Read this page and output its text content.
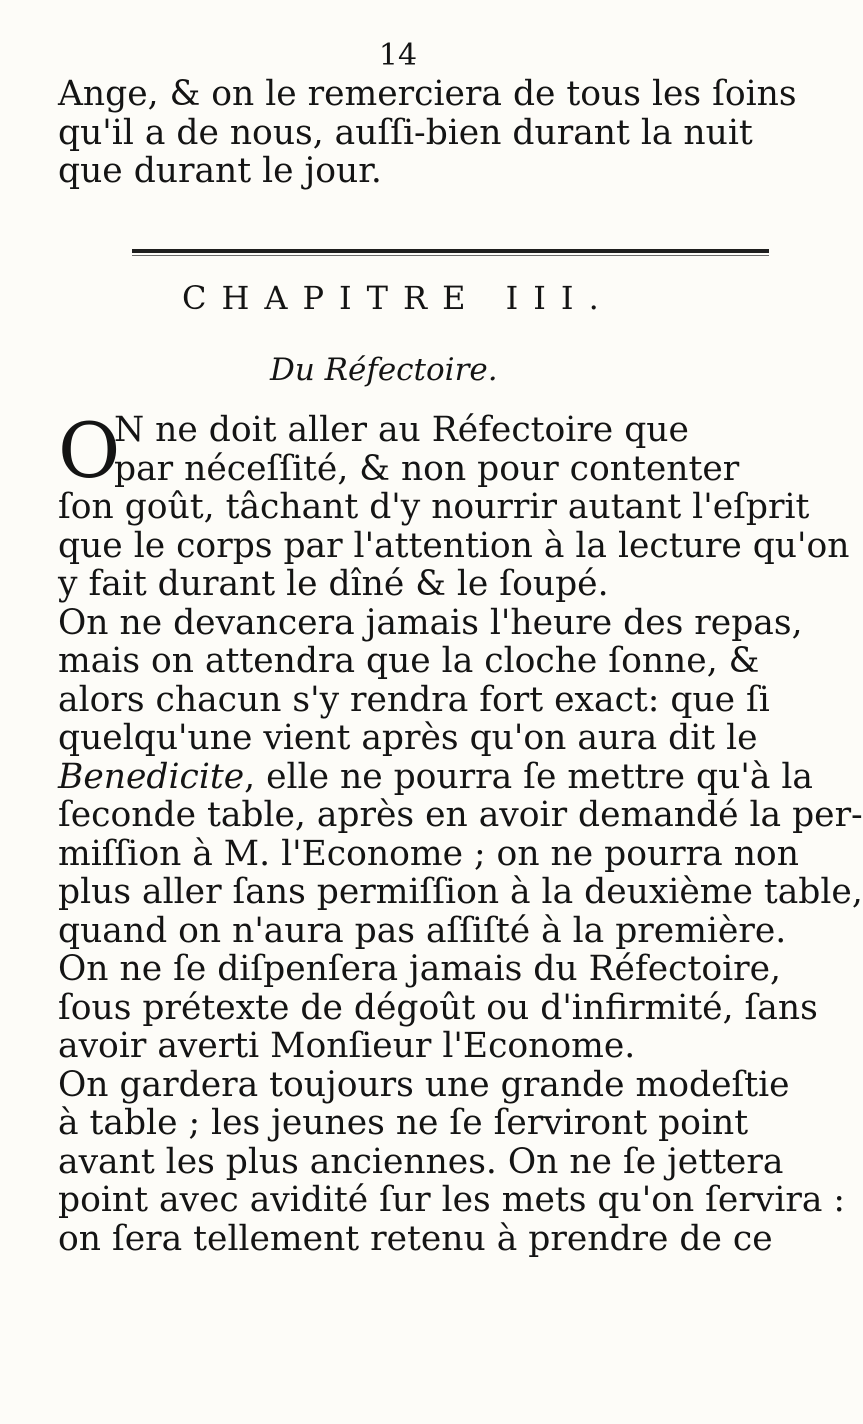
14
Ange, & on le remerciera de tous les ſoins
qu'il a de nous, auſſi-bien durant la nuit
que durant le jour.
CHAPITRE III.
Du Réfectoire.
O
N ne doit aller au Réfectoire que
par néceſſité, & non pour contenter
ſon goût, tâchant d'y nourrir autant l'eſprit
que le corps par l'attention à la lecture qu'on
y fait durant le dîné & le ſoupé.
On ne devancera jamais l'heure des repas,
mais on attendra que la cloche ſonne, &
alors chacun s'y rendra fort exact: que ſi
quelqu'une vient après qu'on aura dit le
Benedicite, elle ne pourra ſe mettre qu'à la
ſeconde table, après en avoir demandé la per-
miſſion à M. l'Econome ; on ne pourra non
plus aller ſans permiſſion à la deuxième table,
quand on n'aura pas aſſiſté à la première.
On ne ſe diſpenſera jamais du Réfectoire,
ſous prétexte de dégoût ou d'infirmité, ſans
avoir averti Monſieur l'Econome.
On gardera toujours une grande modeſtie
à table ; les jeunes ne ſe ſerviront point
avant les plus anciennes. On ne ſe jettera
point avec avidité ſur les mets qu'on ſervira :
on ſera tellement retenu à prendre de ce
